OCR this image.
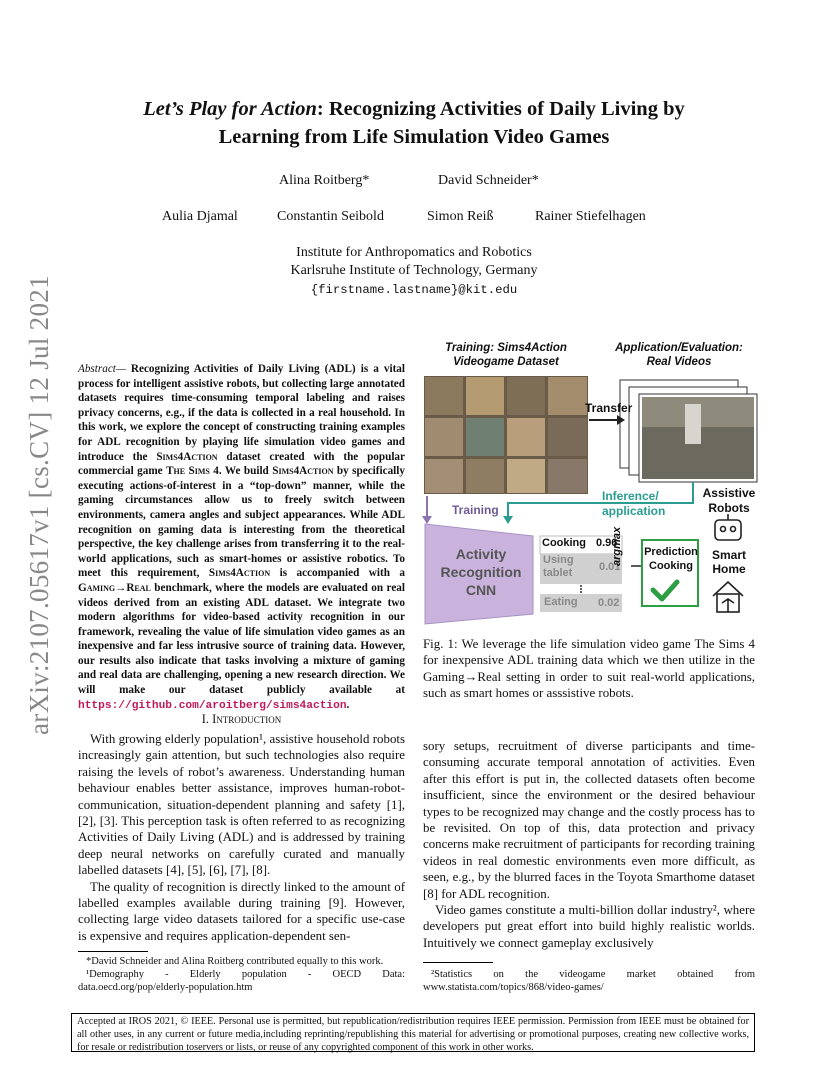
Let’s Play for Action: Recognizing Activities of Daily Living by
Learning from Life Simulation Video Games
Alina Roitberg*	David Schneider*
Aulia Djamal	Constantin Seibold	Simon Reiß	Rainer Stiefelhagen
Institute for Anthropomatics and Robotics
Karlsruhe Institute of Technology, Germany
{firstname.lastname}@kit.edu
arXiv:2107.05617v1 [cs.CV] 12 Jul 2021 Abstract— Recognizing Activities of Daily Living (ADL) is a vital process for intelligent assistive robots, but collecting large annotated datasets requires time-consuming temporal labeling and raises privacy concerns, e.g., if the data is collected in a real household. In this work, we explore the concept of constructing training examples for ADL recognition by playing life simulation video games and introduce the Sims4Action dataset created with the popular commercial game The Sims 4. We build Sims4Action by specifically executing actions-of-interest in a “top-down” manner, while the gaming circumstances allow us to freely switch between environments, camera angles and subject appearances. While ADL recognition on gaming data is interesting from the theoretical perspective, the key challenge arises from transferring it to the real-world applications, such as smart-homes or assistive robotics. To meet this requirement, Sims4Action is accompanied with a Gaming→Real benchmark, where the models are evaluated on real videos derived from an existing ADL dataset. We integrate two modern algorithms for video-based activity recognition in our framework, revealing the value of life simulation video games as an inexpensive and far less intrusive source of training data. However, our results also indicate that tasks involving a mixture of gaming and real data are challenging, opening a new research direction. We will make our dataset publicly available at https://github.com/aroitberg/sims4action.
I. Introduction

With growing elderly population¹, assistive household robots increasingly gain attention, but such technologies also require raising the levels of robot’s awareness. Understanding human behaviour enables better assistance, improves human-robot-communication, situation-dependent planning and safety [1], [2], [3]. This perception task is often referred to as recognizing Activities of Daily Living (ADL) and is addressed by training deep neural networks on carefully curated and manually labelled datasets [4], [5], [6], [7], [8].

The quality of recognition is directly linked to the amount of labelled examples available during training [9]. However, collecting large video datasets tailored for a specific use-case is expensive and requires application-dependent sen-

Training: Sims4Action
Videogame Dataset
Application/Evaluation:
Real Videos
Transfer
Inference/
application
Training
Activity
Recognition
CNN
Cooking 0.96
Using
tablet 0.01
Eating 0.02
argmax Prediction
Cooking
Assistive
Robots
Smart
Home
Fig. 1: We leverage the life simulation video game The Sims 4 for inexpensive ADL training data which we then utilize in the Gaming→Real setting in order to suit real-world applications, such as smart homes or asssistive robots.

sory setups, recruitment of diverse participants and time-consuming accurate temporal annotation of activities. Even after this effort is put in, the collected datasets often become insufficient, since the environment or the desired behaviour types to be recognized may change and the costly process has to be revisited. On top of this, data protection and privacy concerns make recruitment of participants for recording training videos in real domestic environments even more difficult, as seen, e.g., by the blurred faces in the Toyota Smarthome dataset [8] for ADL recognition.

Video games constitute a multi-billion dollar industry², where developers put great effort into build highly realistic worlds. Intuitively we connect gameplay exclusively

*David Schneider and Alina Roitberg contributed equally to this work.
¹Demography - Elderly population - OECD Data: data.oecd.org/pop/elderly-population.htm
²Statistics on the videogame market obtained from www.statista.com/topics/868/video-games/
Accepted at IROS 2021, © IEEE. Personal use is permitted, but republication/redistribution requires IEEE permission. Permission from IEEE must be obtained for all other uses, in any current or future media,including reprinting/republishing this material for advertising or promotional purposes, creating new collective works, for resale or redistribution toservers or lists, or reuse of any copyrighted component of this work in other works.
